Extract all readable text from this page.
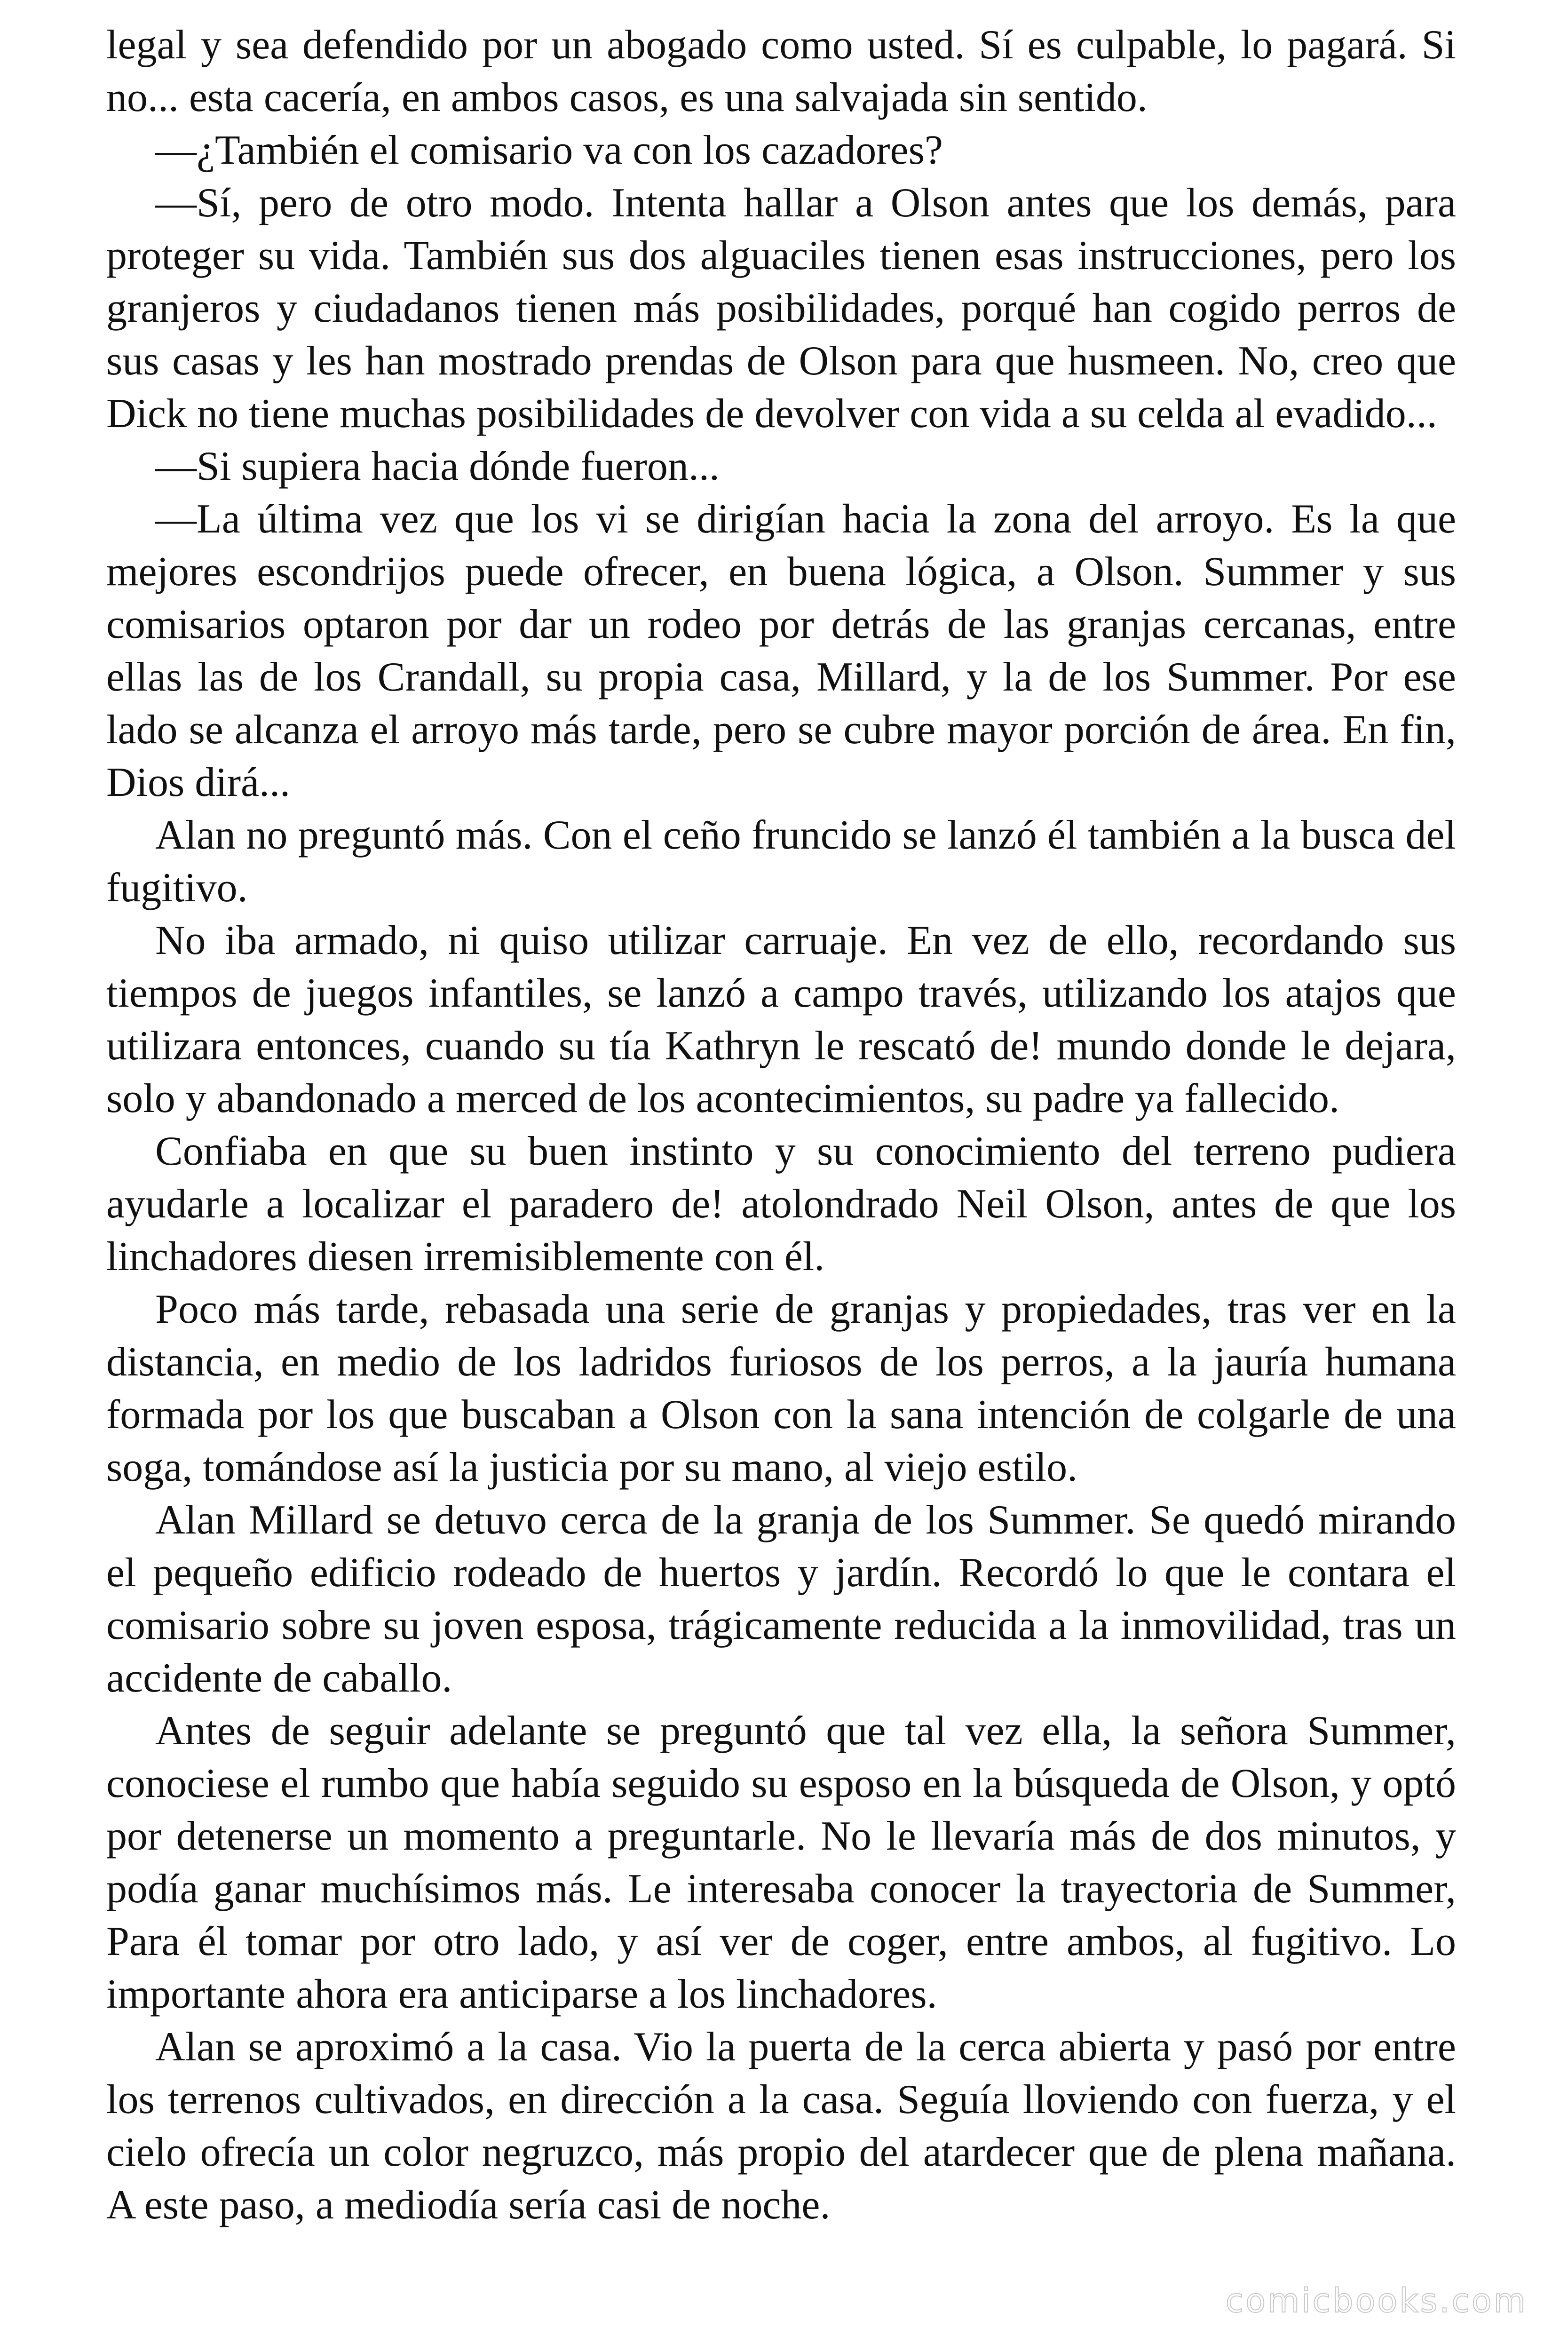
legal y sea defendido por un abogado como usted. Sí es culpable, lo pagará. Si no... esta cacería, en ambos casos, es una salvajada sin sentido.

—¿También el comisario va con los cazadores?

—Sí, pero de otro modo. Intenta hallar a Olson antes que los demás, para proteger su vida. También sus dos alguaciles tienen esas instrucciones, pero los granjeros y ciudadanos tienen más posibilidades, porqué han cogido perros de sus casas y les han mostrado prendas de Olson para que husmeen. No, creo que Dick no tiene muchas posibilidades de devolver con vida a su celda al evadido...

—Si supiera hacia dónde fueron...

—La última vez que los vi se dirigían hacia la zona del arroyo. Es la que mejores escondrijos puede ofrecer, en buena lógica, a Olson. Summer y sus comisarios optaron por dar un rodeo por detrás de las granjas cercanas, entre ellas las de los Crandall, su propia casa, Millard, y la de los Summer. Por ese lado se alcanza el arroyo más tarde, pero se cubre mayor porción de área. En fin, Dios dirá...

Alan no preguntó más. Con el ceño fruncido se lanzó él también a la busca del fugitivo.

No iba armado, ni quiso utilizar carruaje. En vez de ello, recordando sus tiempos de juegos infantiles, se lanzó a campo través, utilizando los atajos que utilizara entonces, cuando su tía Kathryn le rescató de! mundo donde le dejara, solo y abandonado a merced de los acontecimientos, su padre ya fallecido.

Confiaba en que su buen instinto y su conocimiento del terreno pudiera ayudarle a localizar el paradero de! atolondrado Neil Olson, antes de que los linchadores diesen irremisiblemente con él.

Poco más tarde, rebasada una serie de granjas y propiedades, tras ver en la distancia, en medio de los ladridos furiosos de los perros, a la jauría humana formada por los que buscaban a Olson con la sana intención de colgarle de una soga, tomándose así la justicia por su mano, al viejo estilo.

Alan Millard se detuvo cerca de la granja de los Summer. Se quedó mirando el pequeño edificio rodeado de huertos y jardín. Recordó lo que le contara el comisario sobre su joven esposa, trágicamente reducida a la inmovilidad, tras un accidente de caballo.

Antes de seguir adelante se preguntó que tal vez ella, la señora Summer, conociese el rumbo que había seguido su esposo en la búsqueda de Olson, y optó por detenerse un momento a preguntarle. No le llevaría más de dos minutos, y podía ganar muchísimos más. Le interesaba conocer la trayectoria de Summer, Para él tomar por otro lado, y así ver de coger, entre ambos, al fugitivo. Lo importante ahora era anticiparse a los linchadores.

Alan se aproximó a la casa. Vio la puerta de la cerca abierta y pasó por entre los terrenos cultivados, en dirección a la casa. Seguía lloviendo con fuerza, y el cielo ofrecía un color negruzco, más propio del atardecer que de plena mañana. A este paso, a mediodía sería casi de noche.

comicbooks.com
